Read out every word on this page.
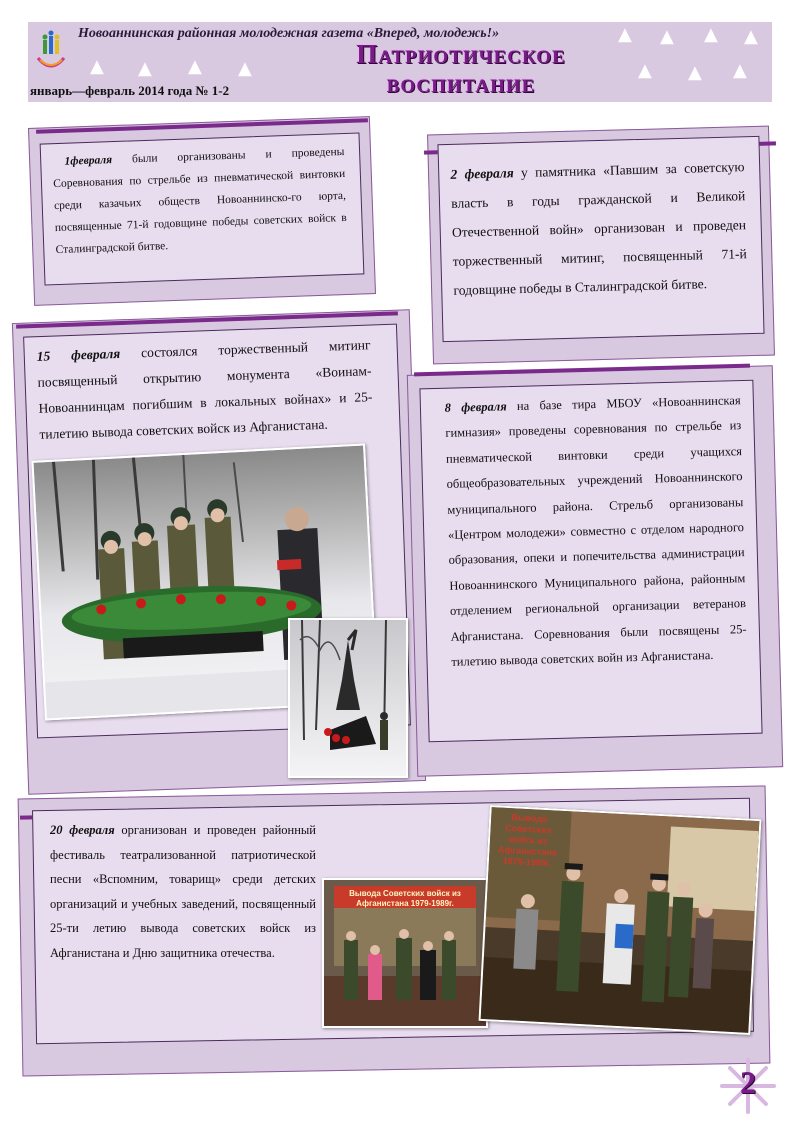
▲ ▲ ▲ ▲
▲ ▲ ▲ ▲
▲ ▲ ▲
Новоаннинская районная молодежная газета «Вперед, молодежь!»
Патриотическое
воспитание
январь—февраль 2014 года № 1-2
1февраля были организованы и проведены Соревнования по стрельбе из пневматической винтовки среди казачьих обществ Новоаннинско-го юрта, посвященные 71-й годовщине победы советских войск в Сталинградской битве.
2 февраля у памятника «Павшим за советскую власть в годы гражданской и Великой Отечественной войн» организован и проведен торжественный митинг, посвященный 71-й годовщине победы в Сталинградской битве.
15 февраля состоялся торжественный митинг посвященный открытию монумента «Воинам-Новоаннинцам погибшим в локальных войнах» и 25-тилетию вывода советских войск из Афганистана.
8 февраля на базе тира МБОУ «Новоаннинская гимназия» проведены соревнования по стрельбе из пневматической винтовки среди учащихся общеобразовательных учреждений Новоаннинского муниципального района. Стрельб организованы «Центром молодежи» совместно с отделом народного образования, опеки и попечительства администрации Новоаннинского Муниципального района, районным отделением региональной организации ветеранов Афганистана. Соревнования были посвящены 25-тилетию вывода советских войн из Афганистана.
20 февраля организован и проведен районный фестиваль театрализованной патриотической песни «Вспомним, товарищ» среди детских организаций и учебных заведений, посвященный 25-ти летию вывода советских войск из Афганистана и Дню защитника отечества.
Вывода Советских войск из Афганистана 1979-1989г.
Вывода Советских войск из Афганистана 1979-1989г.
2
